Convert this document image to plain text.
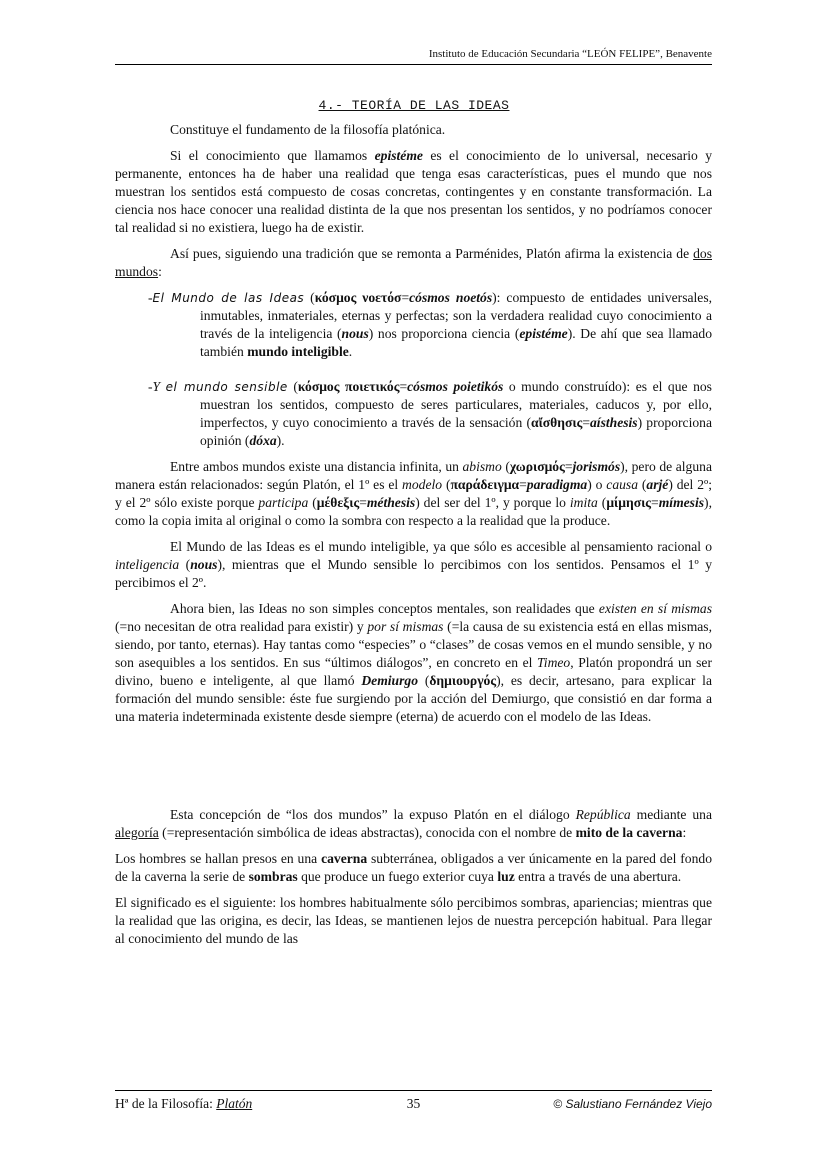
Instituto de Educación Secundaria “LEÓN FELIPE”, Benavente
4.- TEORÍA DE LAS IDEAS

Constituye el fundamento de la filosofía platónica.

Si el conocimiento que llamamos epistéme es el conocimiento de lo universal, necesario y permanente, entonces ha de haber una realidad que tenga esas características, pues el mundo que nos muestran los sentidos está compuesto de cosas concretas, contingentes y en constante transformación. La ciencia nos hace conocer una realidad distinta de la que nos presentan los sentidos, y no podríamos conocer tal realidad si no existiera, luego ha de existir.

Así pues, siguiendo una tradición que se remonta a Parménides, Platón afirma la existencia de dos mundos:

-El Mundo de las Ideas (κόσμος νοετόσ=cósmos noetós): compuesto de entidades universales, inmutables, inmateriales, eternas y perfectas; son la verdadera realidad cuyo conocimiento a través de la inteligencia (nous) nos proporciona ciencia (epistéme). De ahí que sea llamado también mundo inteligible.

-Y el mundo sensible (κόσμος ποιετικός=cósmos poietikós o mundo construído): es el que nos muestran los sentidos, compuesto de seres particulares, materiales, caducos y, por ello, imperfectos, y cuyo conocimiento a través de la sensación (αἴσθησις=aísthesis) proporciona opinión (dóxa).

Entre ambos mundos existe una distancia infinita, un abismo (χωρισμός=jorismós), pero de alguna manera están relacionados: según Platón, el 1º es el modelo (παράδειγμα=paradigma) o causa (arjé) del 2º; y el 2º sólo existe porque participa (μέθεξις=méthesis) del ser del 1º, y porque lo imita (μίμησις=mímesis), como la copia imita al original o como la sombra con respecto a la realidad que la produce.

El Mundo de las Ideas es el mundo inteligible, ya que sólo es accesible al pensamiento racional o inteligencia (nous), mientras que el Mundo sensible lo percibimos con los sentidos. Pensamos el 1º y percibimos el 2º.

Ahora bien, las Ideas no son simples conceptos mentales, son realidades que existen en sí mismas (=no necesitan de otra realidad para existir) y por sí mismas (=la causa de su existencia está en ellas mismas, siendo, por tanto, eternas). Hay tantas como “especies” o “clases” de cosas vemos en el mundo sensible, y no son asequibles a los sentidos. En sus “últimos diálogos”, en concreto en el Timeo, Platón propondrá un ser divino, bueno e inteligente, al que llamó Demiurgo (δημιουργός), es decir, artesano, para explicar la formación del mundo sensible: éste fue surgiendo por la acción del Demiurgo, que consistió en dar forma a una materia indeterminada existente desde siempre (eterna) de acuerdo con el modelo de las Ideas.

Esta concepción de “los dos mundos” la expuso Platón en el diálogo República mediante una alegoría (=representación simbólica de ideas abstractas), conocida con el nombre de mito de la caverna:

Los hombres se hallan presos en una caverna subterránea, obligados a ver únicamente en la pared del fondo de la caverna la serie de sombras que produce un fuego exterior cuya luz entra a través de una abertura.

El significado es el siguiente: los hombres habitualmente sólo percibimos sombras, apariencias; mientras que la realidad que las origina, es decir, las Ideas, se mantienen lejos de nuestra percepción habitual. Para llegar al conocimiento del mundo de las

Hª de la Filosofía: Platón	35	© Salustiano Fernández Viejo
